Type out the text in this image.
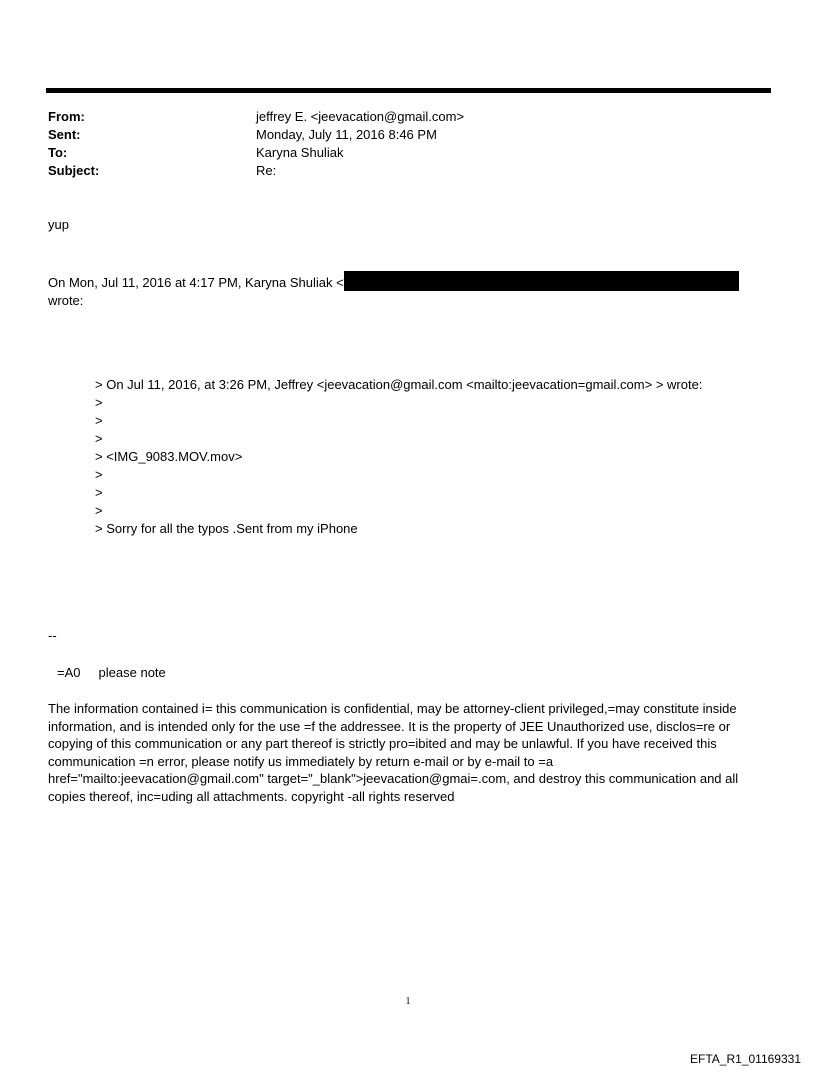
From:	jeffrey E. <jeevacation@gmail.com>
Sent:	Monday, July 11, 2016 8:46 PM
To:	Karyna Shuliak
Subject:	Re:
yup
On Mon, Jul 11, 2016 at 4:17 PM, Karyna Shuliak <
wrote:
> On Jul 11, 2016, at 3:26 PM, Jeffrey <jeevacation@gmail.com <mailto:jeevacation=gmail.com> > wrote:
>
>
>
> <IMG_9083.MOV.mov>
>
>
>
> Sorry for all the typos .Sent from my iPhone
--
=A0     please note
The information contained i= this communication is confidential, may be attorney-client privileged,=may constitute inside information, and is intended only for the use =f the addressee. It is the property of JEE Unauthorized use, disclos=re or copying of this communication or any part thereof is strictly pro=ibited and may be unlawful. If you have received this communication =n error, please notify us immediately by return e-mail or by e-mail to =a href="mailto:jeevacation@gmail.com" target="_blank">jeevacation@gmai=.com, and destroy this communication and all copies thereof, inc=uding all attachments. copyright -all rights reserved
1
EFTA_R1_01169331
